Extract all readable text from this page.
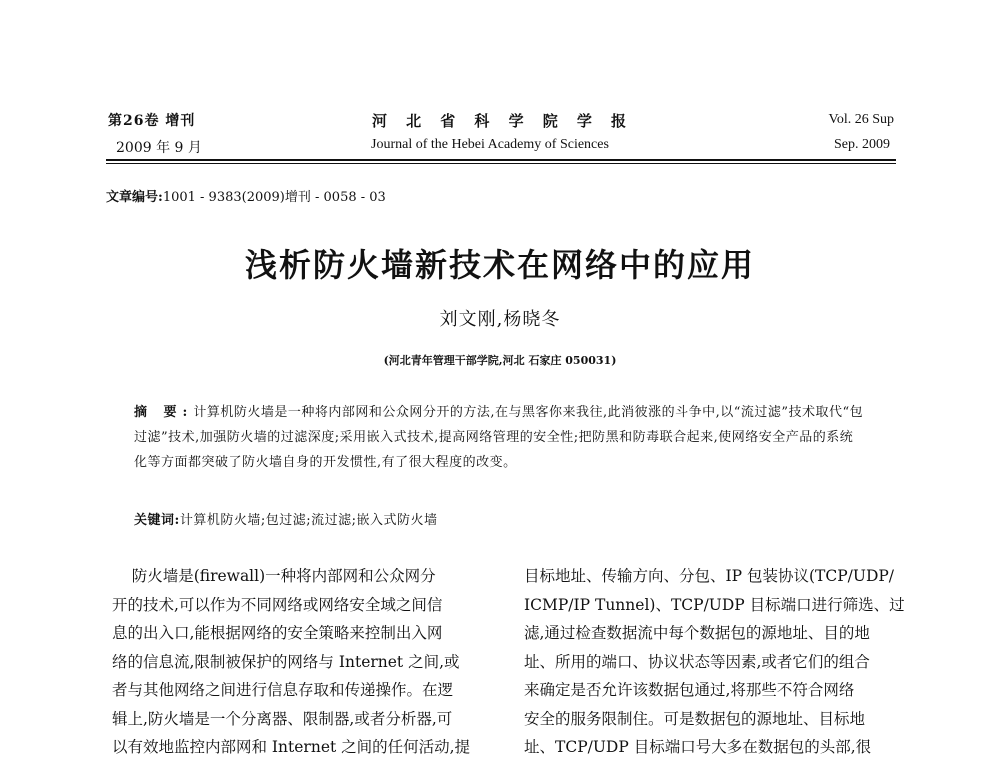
第26卷 增刊
2009 年 9 月
河 北 省 科 学 院 学 报
Journal of the Hebei Academy of Sciences
Vol. 26 Sup
Sep. 2009
文章编号:1001 - 9383(2009)增刊 - 0058 - 03
浅析防火墙新技术在网络中的应用
刘文刚,杨晓冬
(河北青年管理干部学院,河北 石家庄 050031)
摘 要:计算机防火墙是一种将内部网和公众网分开的方法,在与黑客你来我往,此消彼涨的斗争中,以“流过滤”技术取代“包过滤”技术,加强防火墙的过滤深度;采用嵌入式技术,提高网络管理的安全性;把防黑和防毒联合起来,使网络安全产品的系统化等方面都突破了防火墙自身的开发惯性,有了很大程度的改变。
关键词:计算机防火墙;包过滤;流过滤;嵌入式防火墙
防火墙是(firewall)一种将内部网和公众网分
开的技术,可以作为不同网络或网络安全域之间信
息的出入口,能根据网络的安全策略来控制出入网
络的信息流,限制被保护的网络与 Internet 之间,或
者与其他网络之间进行信息存取和传递操作。在逻
辑上,防火墙是一个分离器、限制器,或者分析器,可
以有效地监控内部网和 Internet 之间的任何活动,提
目标地址、传输方向、分包、IP 包装协议(TCP/UDP/
ICMP/IP Tunnel)、TCP/UDP 目标端口进行筛选、过
滤,通过检查数据流中每个数据包的源地址、目的地
址、所用的端口、协议状态等因素,或者它们的组合
来确定是否允许该数据包通过,将那些不符合网络
安全的服务限制住。可是数据包的源地址、目标地
址、TCP/UDP 目标端口号大多在数据包的头部,很
